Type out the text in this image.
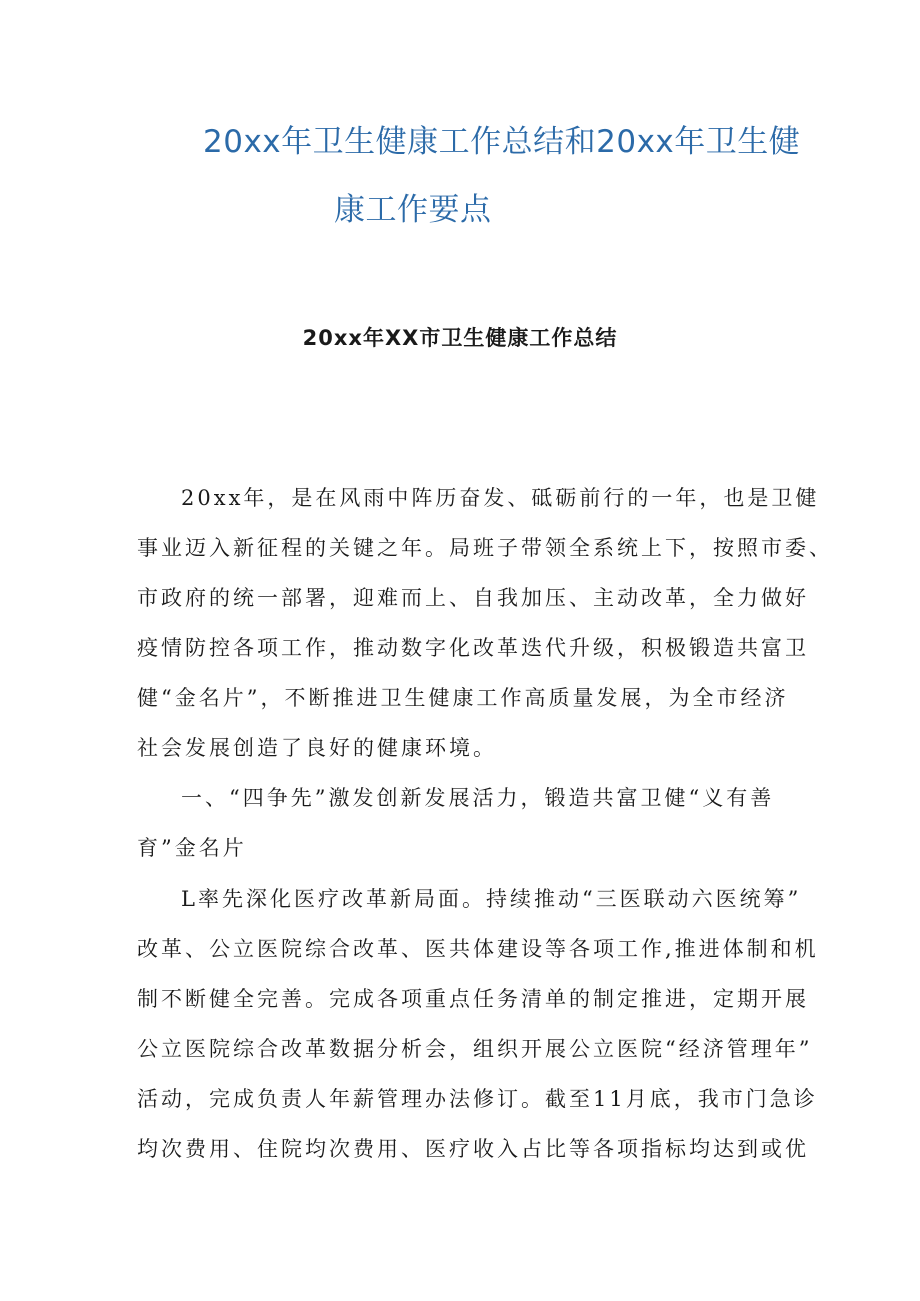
20xx年卫生健康工作总结和20xx年卫生健
康工作要点
20xx年XX市卫生健康工作总结
20xx年，是在风雨中阵历奋发、砥砺前行的一年，也是卫健
事业迈入新征程的关键之年。局班子带领全系统上下，按照市委、
市政府的统一部署，迎难而上、自我加压、主动改革，全力做好
疫情防控各项工作，推动数字化改革迭代升级，积极锻造共富卫
健“金名片”，不断推进卫生健康工作高质量发展，为全市经济
社会发展创造了良好的健康环境。
一、“四争先”激发创新发展活力，锻造共富卫健“义有善
育”金名片
L率先深化医疗改革新局面。持续推动“三医联动六医统筹”
改革、公立医院综合改革、医共体建设等各项工作,推进体制和机
制不断健全完善。完成各项重点任务清单的制定推进，定期开展
公立医院综合改革数据分析会，组织开展公立医院“经济管理年”
活动，完成负责人年薪管理办法修订。截至11月底，我市门急诊
均次费用、住院均次费用、医疗收入占比等各项指标均达到或优
